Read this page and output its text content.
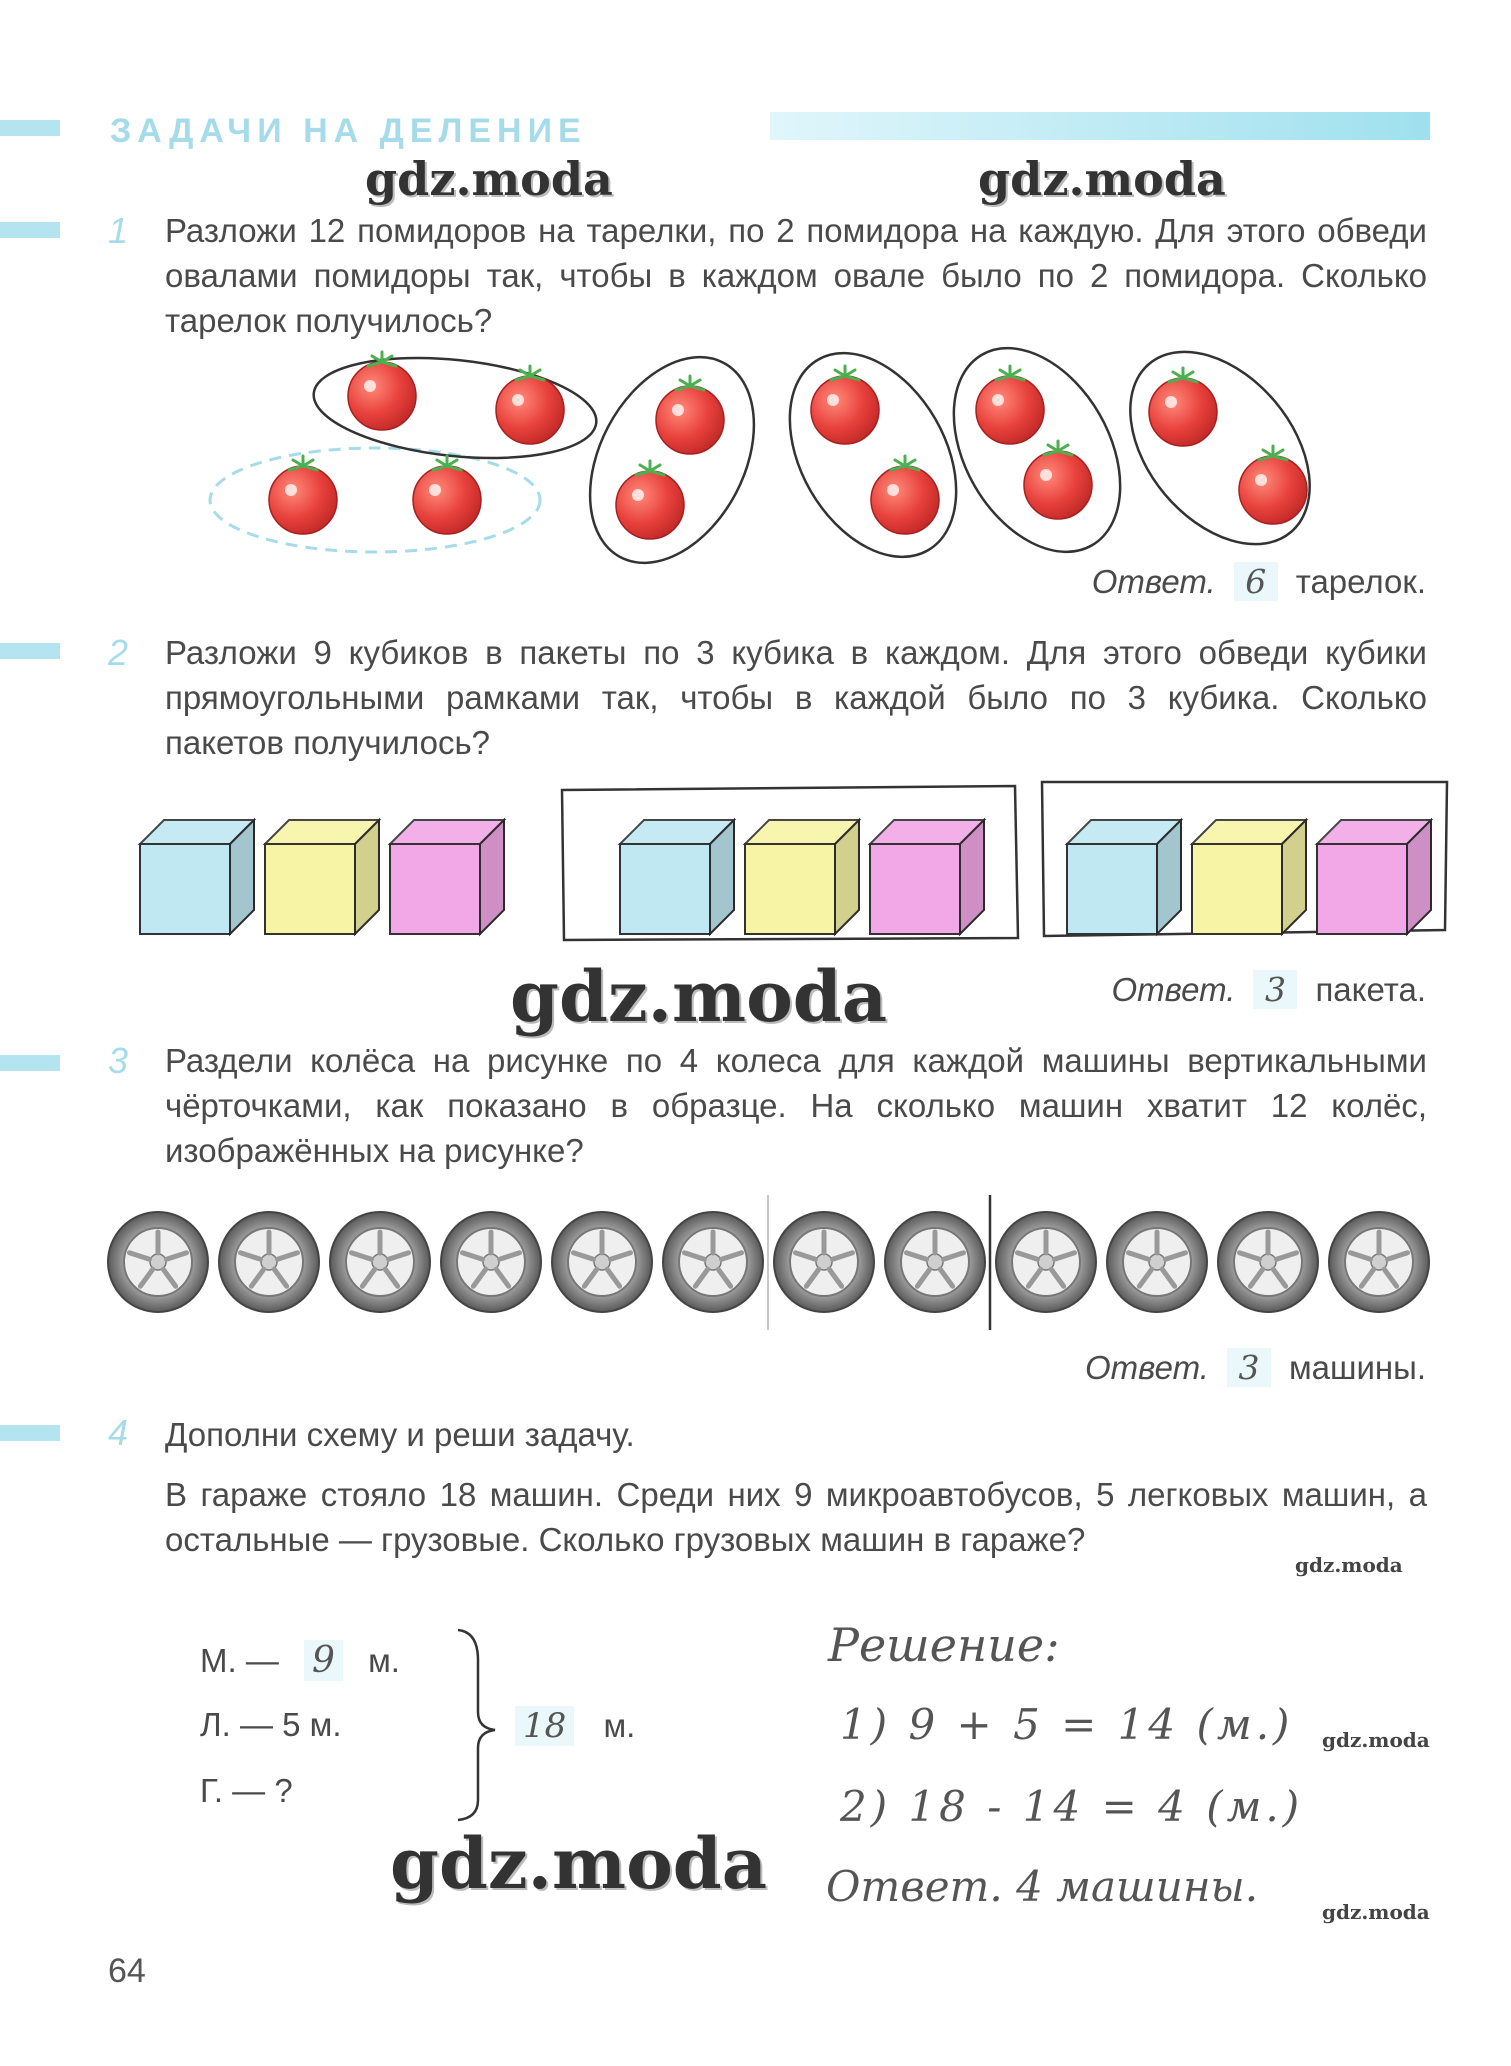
ЗАДАЧИ НА ДЕЛЕНИЕ
gdz.moda	gdz.moda
gdz.moda
gdz.moda
gdz.moda
gdz.moda
gdz.moda
1 Разложи 12 помидоров на тарелки, по 2 помидора на каждую. Для этого обведи овалами помидоры так, чтобы в каждом овале было по 2 помидора. Сколько тарелок получилось?
Ответ. 6 тарелок.
2 Разложи 9 кубиков в пакеты по 3 кубика в каждом. Для этого обведи кубики прямоугольными рамками так, чтобы в каждой было по 3 кубика. Сколько пакетов получилось?
Ответ. 3 пакета.
3 Раздели колёса на рисунке по 4 колеса для каждой машины вертикальными чёрточками, как показано в образце. На сколько машин хватит 12 колёс, изображённых на рисунке?
Ответ. 3 машины.
4 Дополни схему и реши задачу.
В гараже стояло 18 машин. Среди них 9 микроавтобусов, 5 легковых машин, а остальные — грузовые. Сколько грузовых машин в гараже?
М. — 9 м.
Л. — 5 м.
Г. — ?
18 м.
Решение:
1) 9 + 5 = 14 (м.)
2) 18 - 14 = 4 (м.)
Ответ. 4 машины.
64
